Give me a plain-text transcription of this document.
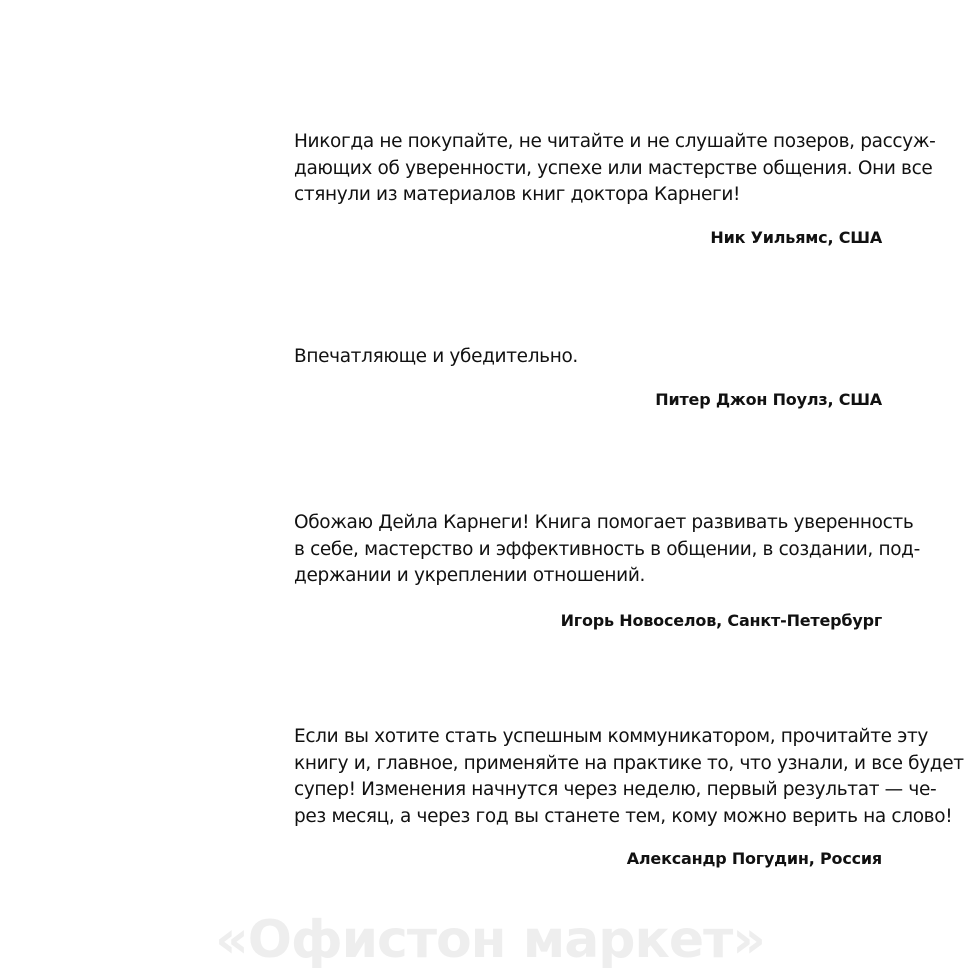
Никогда не покупайте, не читайте и не слушайте позеров, рассуж-
дающих об уверенности, успехе или мастерстве общения. Они все
стянули из материалов книг доктора Карнеги!

Ник Уильямс, США

Впечатляюще и убедительно.

Питер Джон Поулз, США

Обожаю Дейла Карнеги! Книга помогает развивать уверенность
в себе, мастерство и эффективность в общении, в создании, под-
держании и укреплении отношений.

Игорь Новоселов, Санкт-Петербург

Если вы хотите стать успешным коммуникатором, прочитайте эту
книгу и, главное, применяйте на практике то, что узнали, и все будет
супер! Изменения начнутся через неделю, первый результат — че-
рез месяц, а через год вы станете тем, кому можно верить на слово!

Александр Погудин, Россия

«Офистон маркет»
